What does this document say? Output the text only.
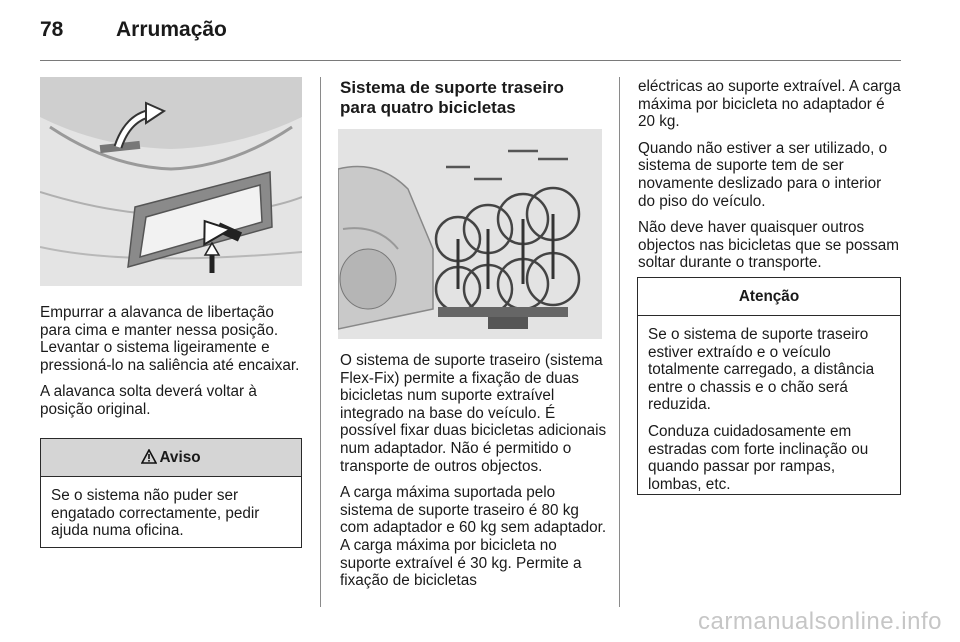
78	Arrumação

Empurrar a alavanca de libertação para cima e manter nessa posição. Levantar o sistema ligeiramente e pressioná-lo na saliência até encaixar.

A alavanca solta deverá voltar à posição original.

Aviso

Se o sistema não puder ser engatado correctamente, pedir ajuda numa oficina.

Sistema de suporte traseiro para quatro bicicletas

O sistema de suporte traseiro (sistema Flex-Fix) permite a fixação de duas bicicletas num suporte extraível integrado na base do veículo. É possível fixar duas bicicletas adicionais num adaptador. Não é permitido o transporte de outros objectos.

A carga máxima suportada pelo sistema de suporte traseiro é 80 kg com adaptador e 60 kg sem adaptador. A carga máxima por bicicleta no suporte extraível é 30 kg. Permite a fixação de bicicletas

eléctricas ao suporte extraível. A carga máxima por bicicleta no adaptador é 20 kg.

Quando não estiver a ser utilizado, o sistema de suporte tem de ser novamente deslizado para o interior do piso do veículo.

Não deve haver quaisquer outros objectos nas bicicletas que se possam soltar durante o transporte.

Atenção

Se o sistema de suporte traseiro estiver extraído e o veículo totalmente carregado, a distância entre o chassis e o chão será reduzida.

Conduza cuidadosamente em estradas com forte inclinação ou quando passar por rampas, lombas, etc.

carmanualsonline.info
